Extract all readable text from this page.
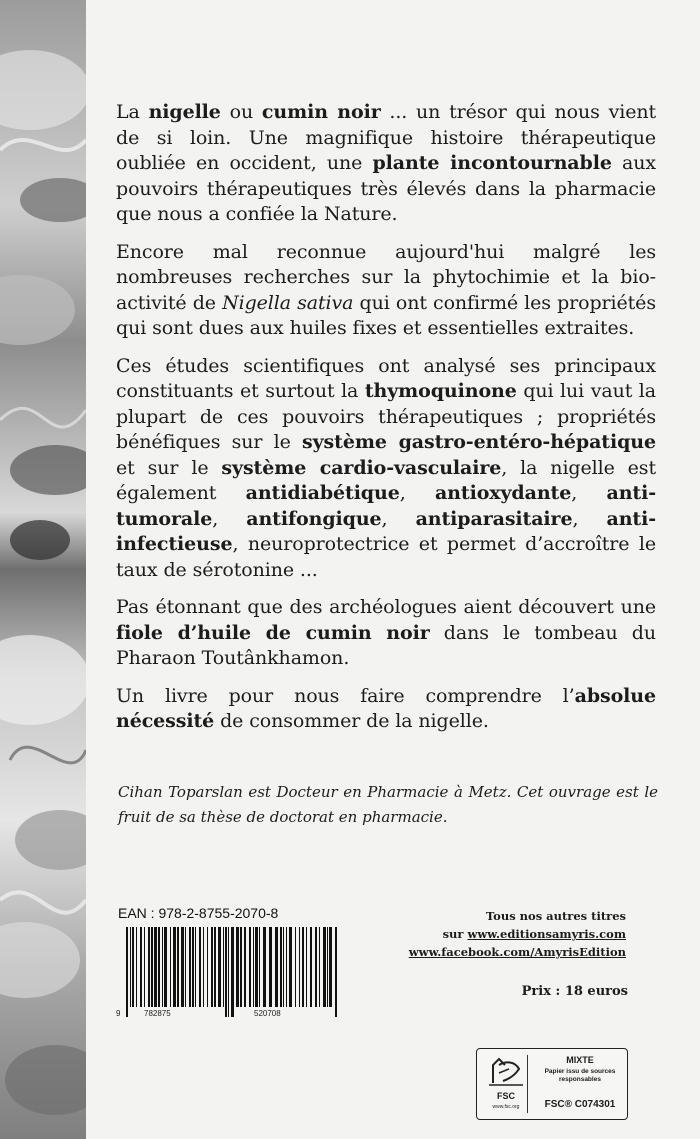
La nigelle ou cumin noir ... un trésor qui nous vient de si loin. Une magnifique histoire thérapeutique oubliée en occident, une plante incontournable aux pouvoirs thérapeutiques très élevés dans la pharmacie que nous a confiée la Nature.

Encore mal reconnue aujourd'hui malgré les nombreuses recherches sur la phytochimie et la bio-activité de Nigella sativa qui ont confirmé les propriétés qui sont dues aux huiles fixes et essentielles extraites.

Ces études scientifiques ont analysé ses principaux constituants et surtout la thymoquinone qui lui vaut la plupart de ces pouvoirs thérapeutiques ; propriétés bénéfiques sur le système gastro-entéro-hépatique et sur le système cardio-vasculaire, la nigelle est également antidiabétique, antioxydante, anti-tumorale, antifongique, antiparasitaire, anti-infectieuse, neuroprotectrice et permet d’accroître le taux de sérotonine ...

Pas étonnant que des archéologues aient découvert une fiole d’huile de cumin noir dans le tombeau du Pharaon Toutânkhamon.

Un livre pour nous faire comprendre l’absolue nécessité de consommer de la nigelle.

Cihan Toparslan est Docteur en Pharmacie à Metz. Cet ouvrage est le fruit de sa thèse de doctorat en pharmacie.
EAN : 978-2-8755-2070-8
9	782875	520708
Tous nos autres titres
sur www.editionsamyris.com
www.facebook.com/AmyrisEdition
Prix : 18 euros
FSC
www.fsc.org
MIXTE
Papier issu de sources responsables
FSC® C074301
